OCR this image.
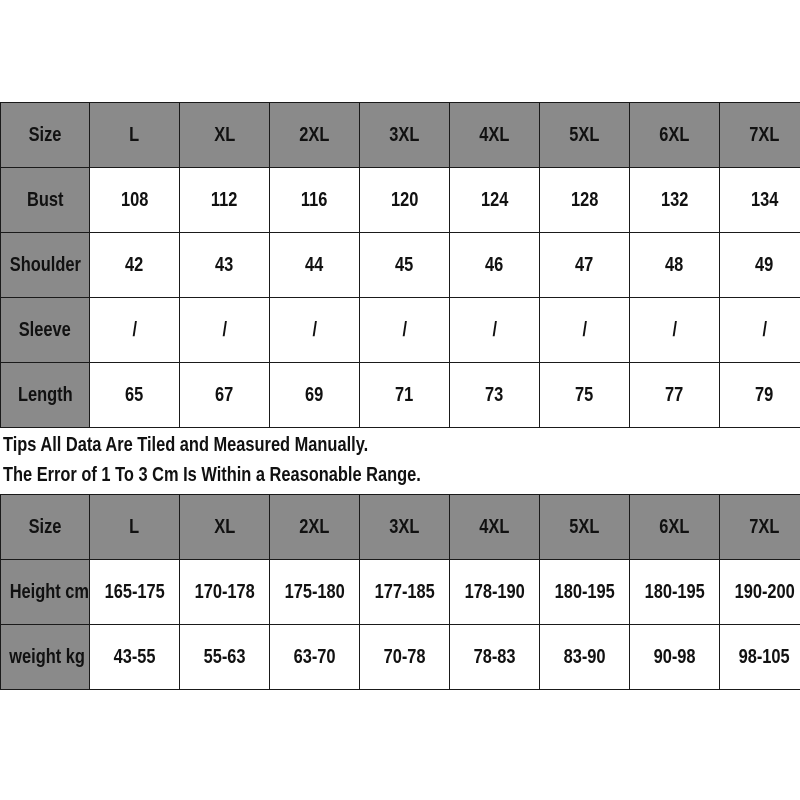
Size	L	XL	2XL	3XL	4XL	5XL	6XL	7XL
Bust	108	112	116	120	124	128	132	134
Shoulder	42	43	44	45	46	47	48	49
Sleeve	/	/	/	/	/	/	/	/
Length	65	67	69	71	73	75	77	79
Tips All Data Are Tiled and Measured Manually.
The Error of 1 To 3 Cm Is Within a Reasonable Range.
Size	L	XL	2XL	3XL	4XL	5XL	6XL	7XL
Height cm	165-175	170-178	175-180	177-185	178-190	180-195	180-195	190-200
weight kg	43-55	55-63	63-70	70-78	78-83	83-90	90-98	98-105
